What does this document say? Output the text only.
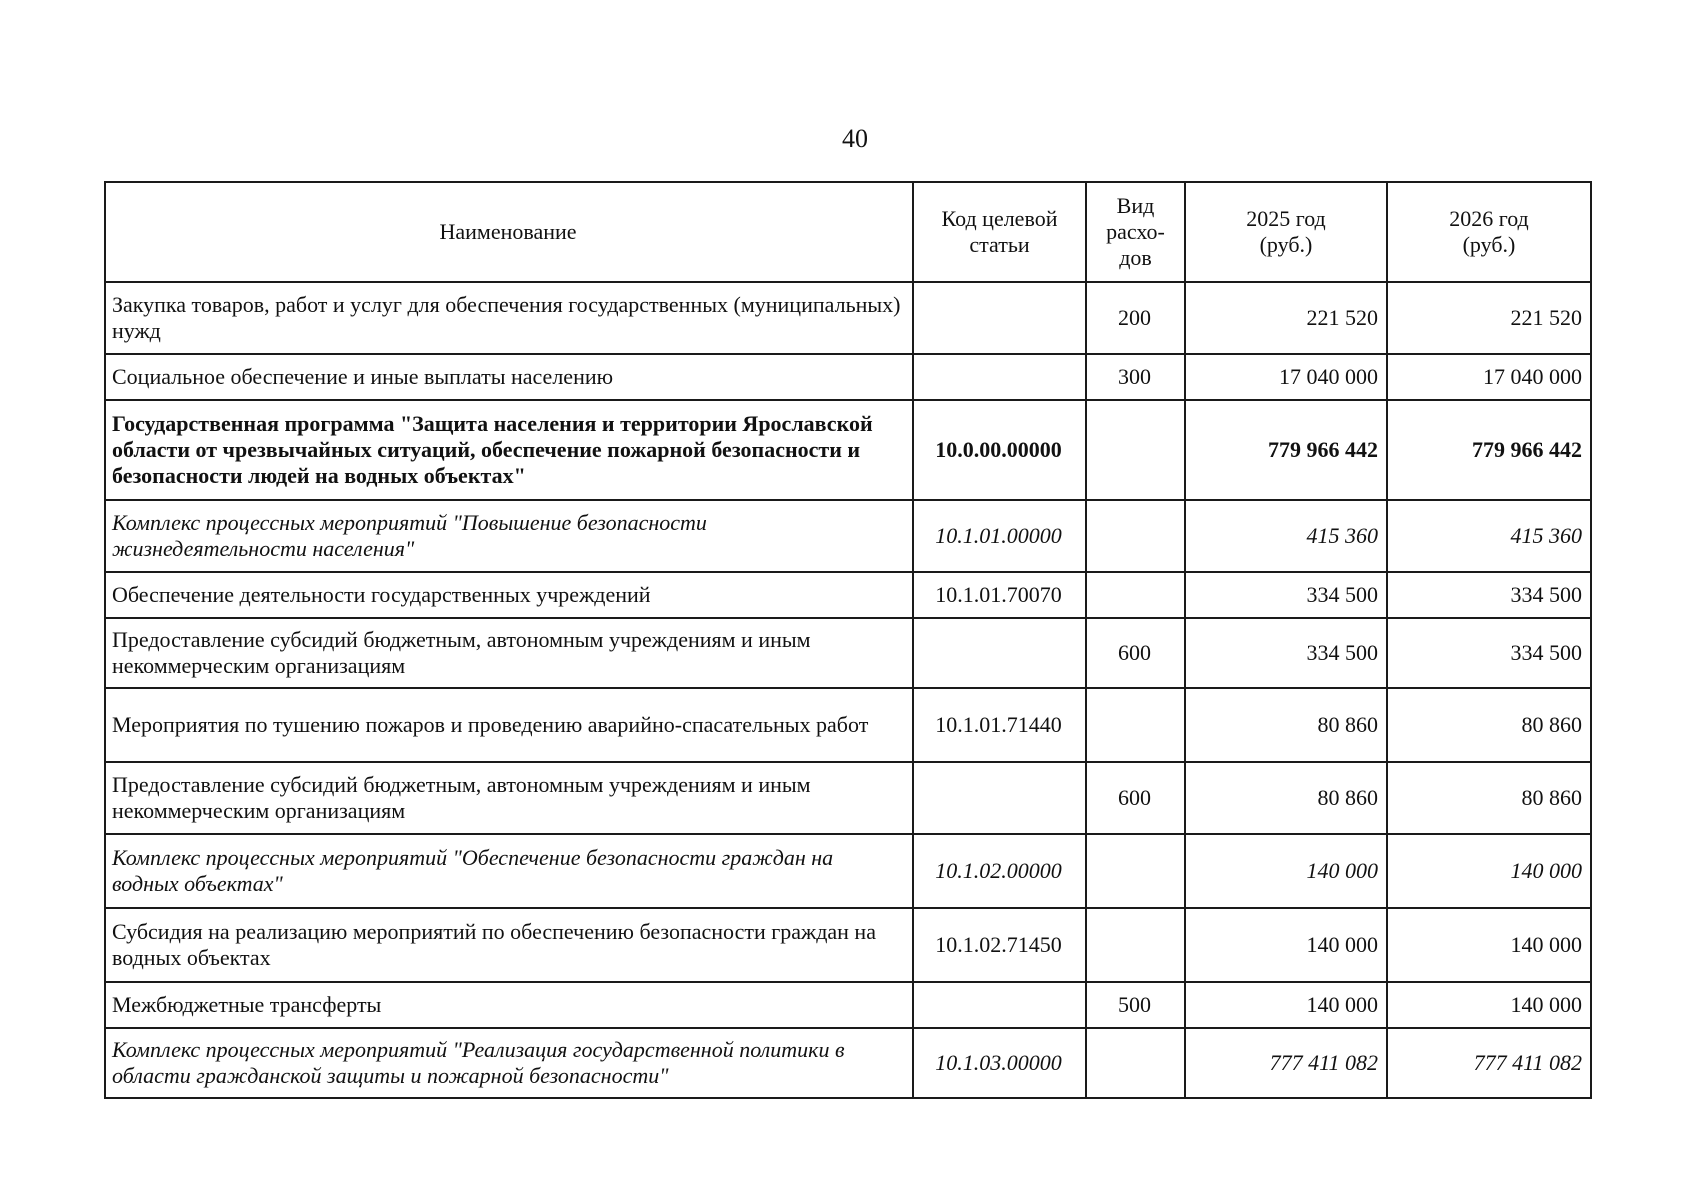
40
Наименование	Код целевой статьи	Вид расхо-дов	2025 год (руб.)	2026 год (руб.)
Закупка товаров, работ и услуг для обеспечения государственных (муниципальных) нужд		200	221 520	221 520
Социальное обеспечение и иные выплаты населению		300	17 040 000	17 040 000
Государственная программа "Защита населения и территории Ярославской области от чрезвычайных ситуаций, обеспечение пожарной безопасности и безопасности людей на водных объектах"	10.0.00.00000		779 966 442	779 966 442
Комплекс процессных мероприятий "Повышение безопасности жизнедеятельности населения"	10.1.01.00000		415 360	415 360
Обеспечение деятельности государственных учреждений	10.1.01.70070		334 500	334 500
Предоставление субсидий бюджетным, автономным учреждениям и иным некоммерческим организациям		600	334 500	334 500
Мероприятия по тушению пожаров и проведению аварийно-спасательных работ	10.1.01.71440		80 860	80 860
Предоставление субсидий бюджетным, автономным учреждениям и иным некоммерческим организациям		600	80 860	80 860
Комплекс процессных мероприятий "Обеспечение безопасности граждан на водных объектах"	10.1.02.00000		140 000	140 000
Субсидия на реализацию мероприятий по обеспечению безопасности граждан на водных объектах	10.1.02.71450		140 000	140 000
Межбюджетные трансферты		500	140 000	140 000
Комплекс процессных мероприятий "Реализация государственной политики в области гражданской защиты и пожарной безопасности"	10.1.03.00000		777 411 082	777 411 082
